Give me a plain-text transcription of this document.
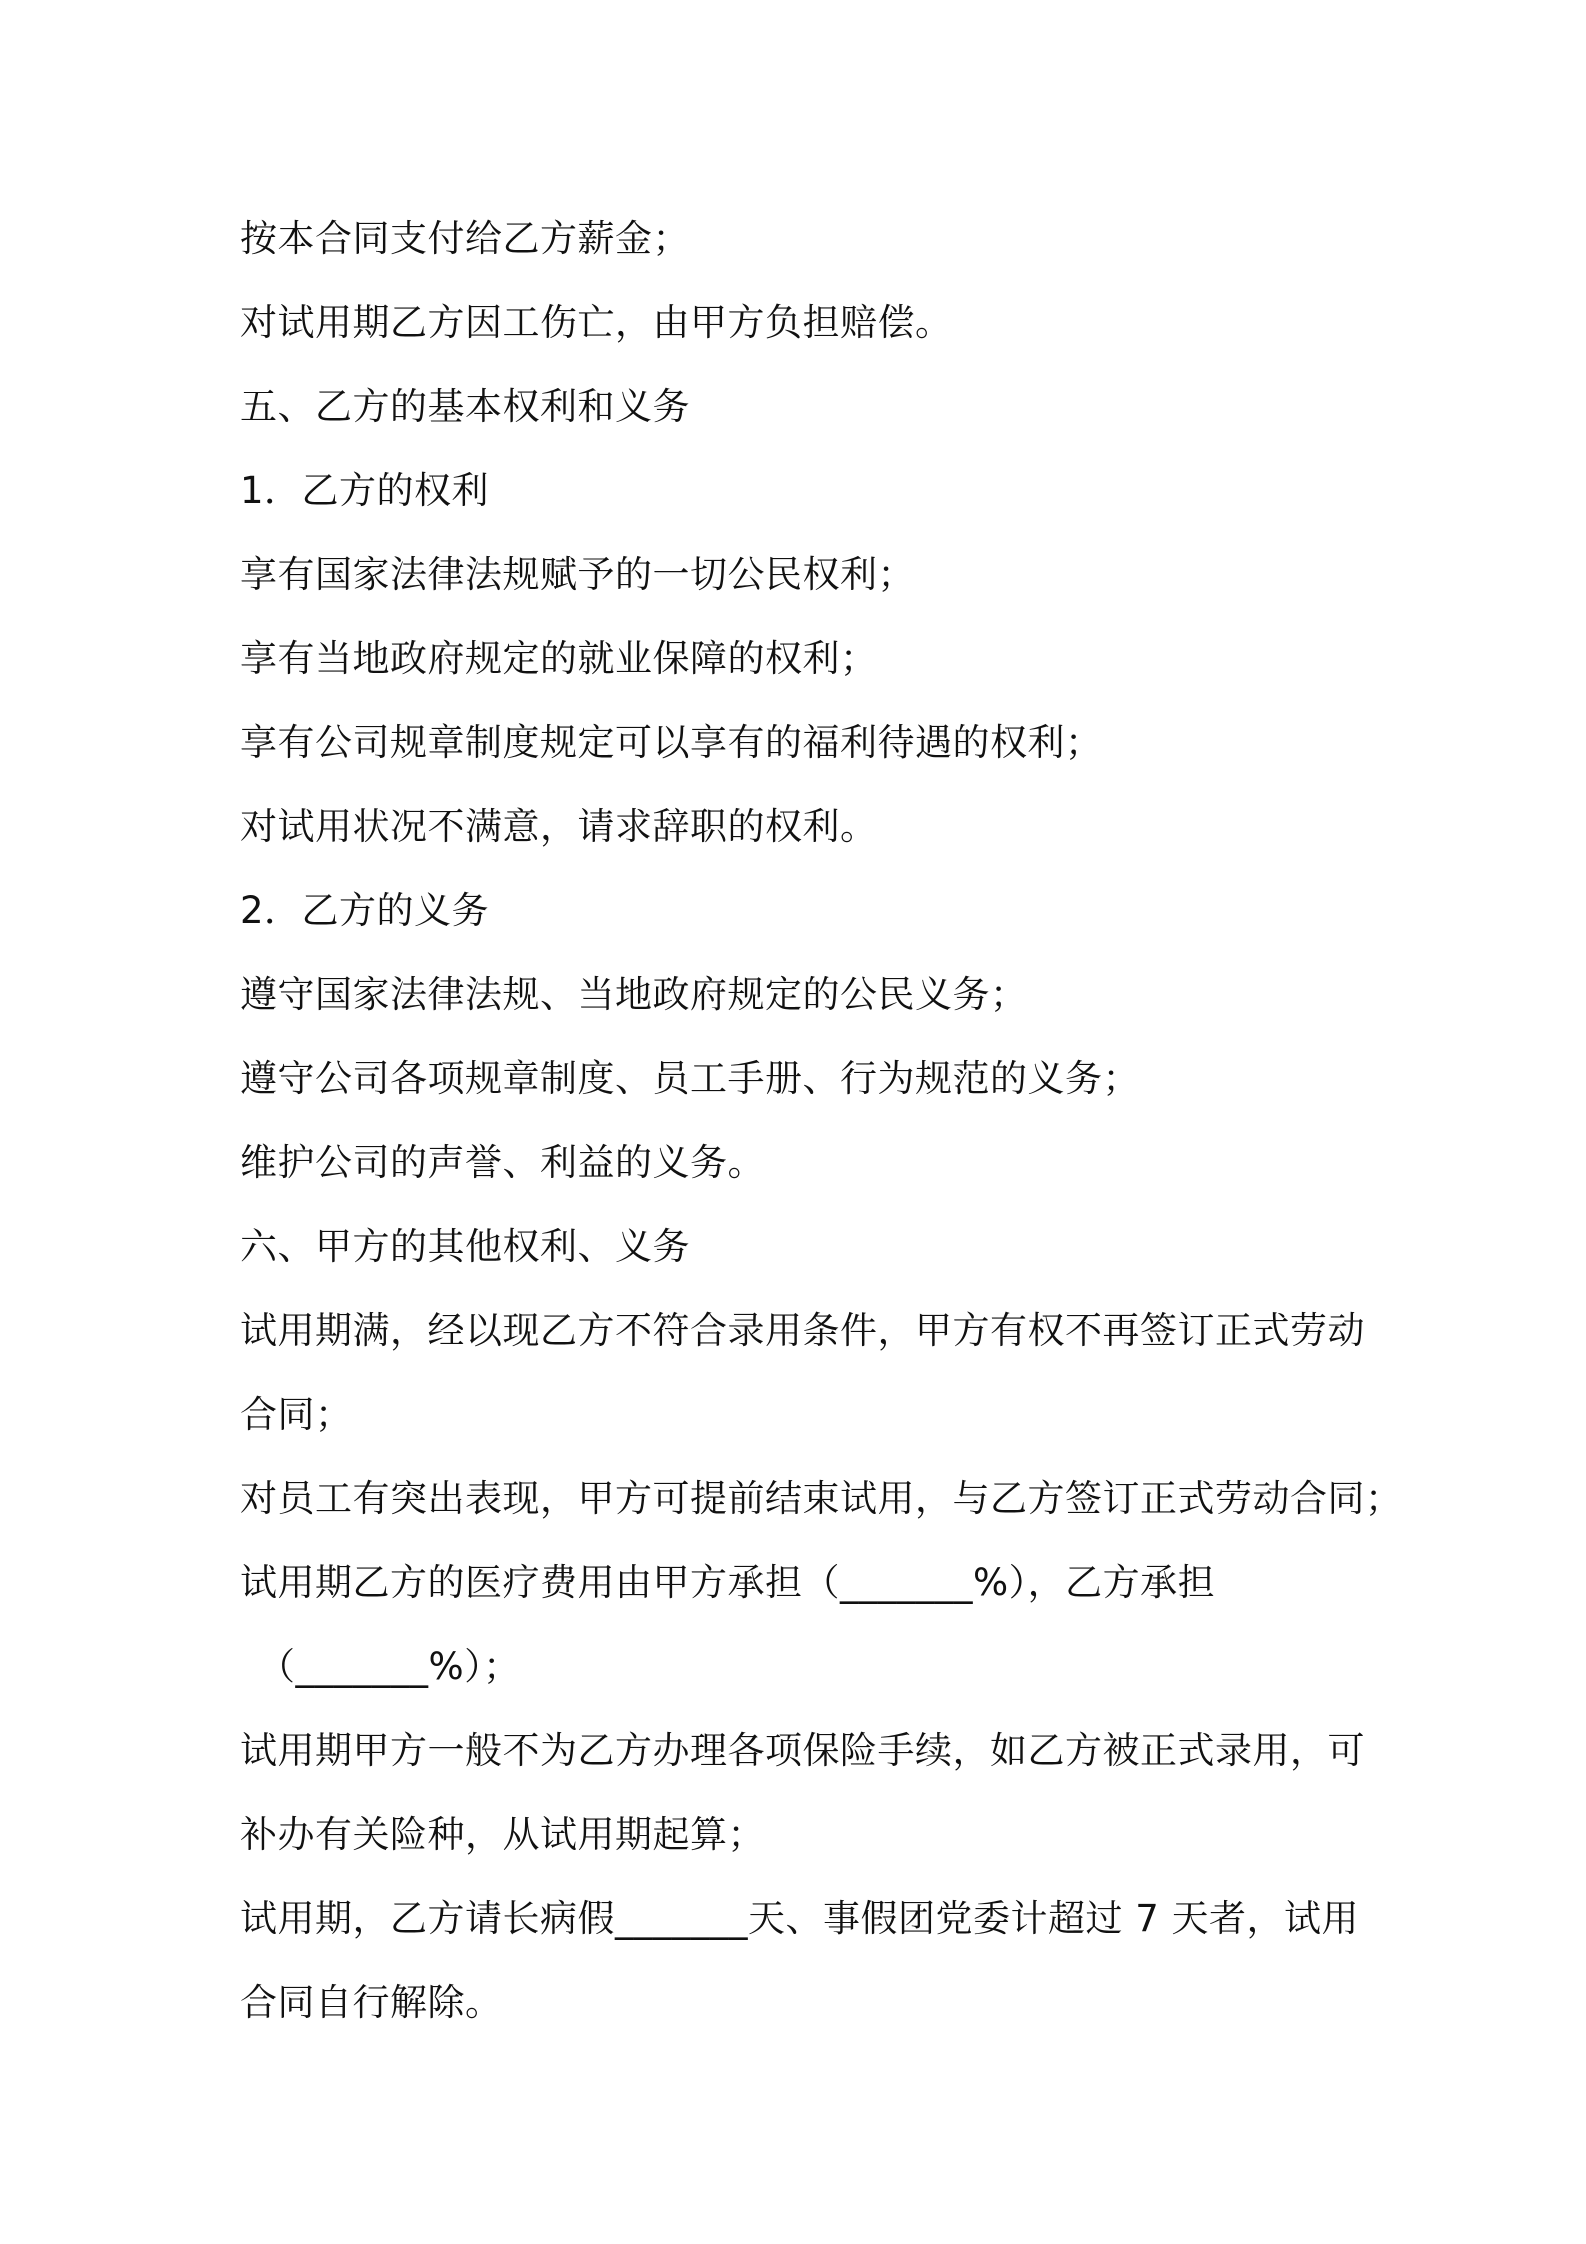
按本合同支付给乙方薪金；
对试用期乙方因工伤亡，由甲方负担赔偿。
五、乙方的基本权利和义务
1．乙方的权利
享有国家法律法规赋予的一切公民权利；
享有当地政府规定的就业保障的权利；
享有公司规章制度规定可以享有的福利待遇的权利；
对试用状况不满意，请求辞职的权利。
2．乙方的义务
遵守国家法律法规、当地政府规定的公民义务；
遵守公司各项规章制度、员工手册、行为规范的义务；
维护公司的声誉、利益的义务。
六、甲方的其他权利、义务
试用期满，经以现乙方不符合录用条件，甲方有权不再签订正式劳动
合同；
对员工有突出表现，甲方可提前结束试用，与乙方签订正式劳动合同；
试用期乙方的医疗费用由甲方承担（_______%），乙方承担
（_______%）；
试用期甲方一般不为乙方办理各项保险手续，如乙方被正式录用，可
补办有关险种，从试用期起算；
试用期，乙方请长病假_______天、事假团党委计超过 7 天者，试用
合同自行解除。
